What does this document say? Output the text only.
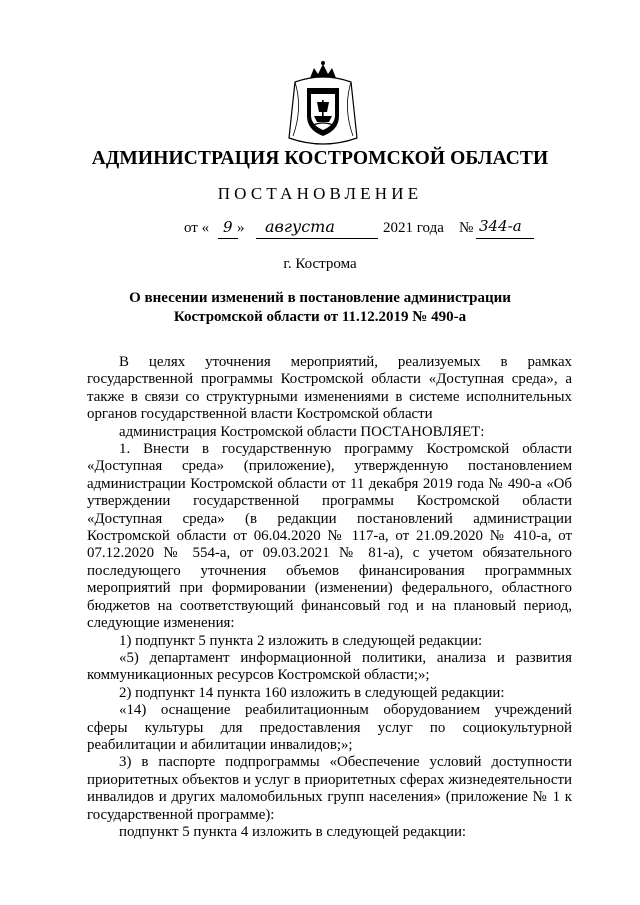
АДМИНИСТРАЦИЯ КОСТРОМСКОЙ ОБЛАСТИ
ПОСТАНОВЛЕНИЕ
от « 9 » августа	2021 года № 344-а
г. Кострома
О внесении изменений в постановление администрации
Костромской области от 11.12.2019 № 490-а

В целях уточнения мероприятий, реализуемых в рамках государственной программы Костромской области «Доступная среда», а также в связи со структурными изменениями в системе исполнительных органов государственной власти Костромской области

администрация Костромской области ПОСТАНОВЛЯЕТ:

1. Внести в государственную программу Костромской области «Доступная среда» (приложение), утвержденную постановлением администрации Костромской области от 11 декабря 2019 года № 490-а «Об утверждении государственной программы Костромской области «Доступная среда» (в редакции постановлений администрации Костромской области от 06.04.2020 № 117-а, от 21.09.2020 № 410-а, от 07.12.2020 № 554-а, от 09.03.2021 № 81-а), с учетом обязательного последующего уточнения объемов финансирования программных мероприятий при формировании (изменении) федерального, областного бюджетов на соответствующий финансовый год и на плановый период, следующие изменения:

1) подпункт 5 пункта 2 изложить в следующей редакции:

«5) департамент информационной политики, анализа и развития коммуникационных ресурсов Костромской области;»;

2) подпункт 14 пункта 160 изложить в следующей редакции:

«14) оснащение реабилитационным оборудованием учреждений сферы культуры для предоставления услуг по социокультурной реабилитации и абилитации инвалидов;»;

3) в паспорте подпрограммы «Обеспечение условий доступности приоритетных объектов и услуг в приоритетных сферах жизнедеятельности инвалидов и других маломобильных групп населения» (приложение № 1 к государственной программе):

подпункт 5 пункта 4 изложить в следующей редакции:
